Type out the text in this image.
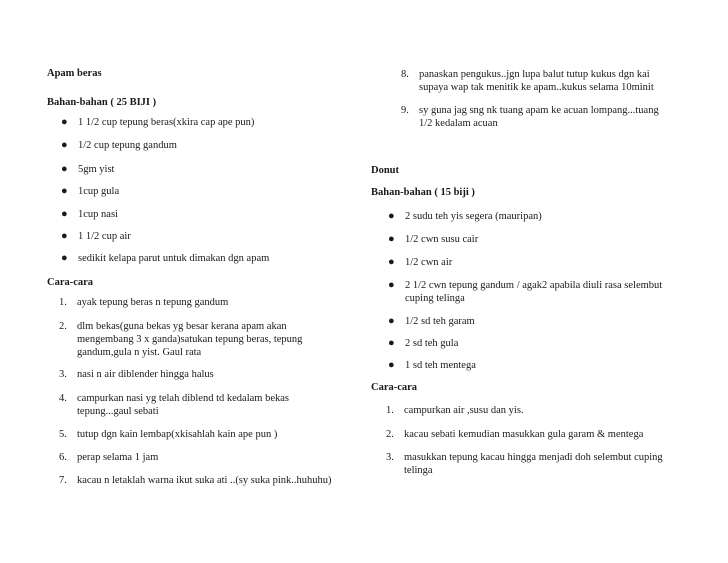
Apam beras
Bahan-bahan ( 25 BIJI )
● 1 1/2 cup tepung beras(xkira cap ape pun)
● 1/2 cup tepung gandum
● 5gm yist
● 1cup gula
● 1cup nasi
● 1 1/2 cup air
● sedikit kelapa parut untuk dimakan dgn apam
Cara-cara
1. ayak tepung beras n tepung gandum
2. dlm bekas(guna bekas yg besar kerana apam akan mengembang 3 x ganda)satukan tepung beras, tepung gandum,gula n yist. Gaul rata
3. nasi n air diblender hingga halus
4. campurkan nasi yg telah diblend td kedalam bekas tepung...gaul sebati
5. tutup dgn kain lembap(xkisahlah kain ape pun )
6. perap selama 1 jam
7. kacau n letaklah warna ikut suka ati ..(sy suka pink..huhuhu)
8. panaskan pengukus..jgn lupa balut tutup kukus dgn kai supaya wap tak menitik ke apam..kukus selama 10minit
9. sy guna jag sng nk tuang apam ke acuan lompang...tuang 1/2 kedalam acuan
Donut
Bahan-bahan ( 15 biji )
● 2 sudu teh yis segera (mauripan)
● 1/2 cwn susu cair
● 1/2 cwn air
● 2 1/2 cwn tepung gandum / agak2 apabila diuli rasa selembut cuping telinga
● 1/2 sd teh garam
● 2 sd teh gula
● 1 sd teh mentega
Cara-cara
1. campurkan air ,susu dan yis.
2. kacau sebati kemudian masukkan gula garam & mentega
3. masukkan tepung kacau hingga menjadi doh selembut cuping telinga
